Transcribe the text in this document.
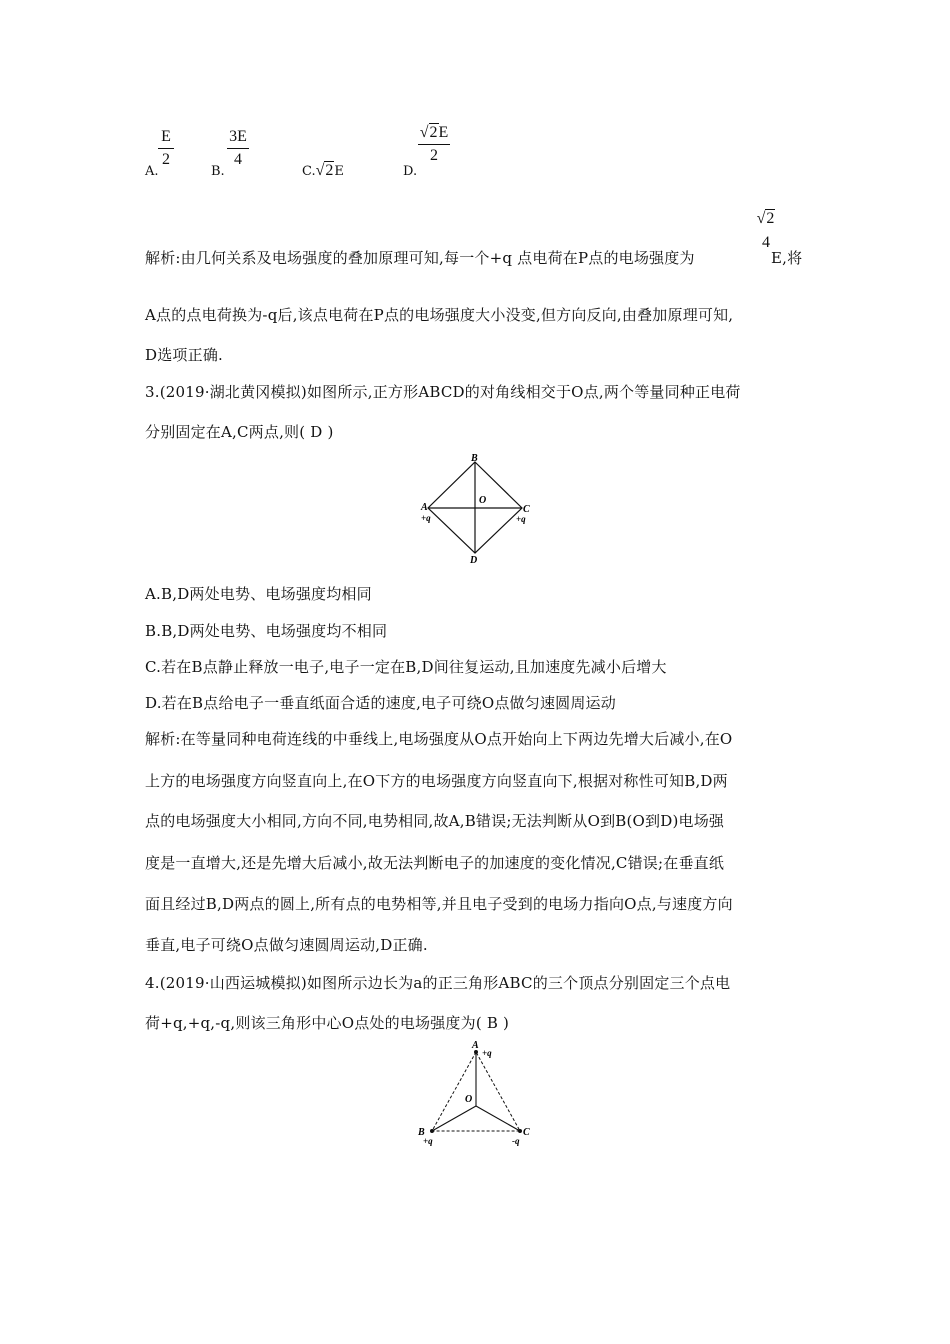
A.
E
2
B.
3E
4
C.√2E	D.
√2E
2
解析:由几何关系及电场强度的叠加原理可知,每一个+q 点电荷在P点的电场强度为
√2
4
E,将
A点的点电荷换为-q后,该点电荷在P点的电场强度大小没变,但方向反向,由叠加原理可知,
D选项正确.
3.(2019·湖北黄冈模拟)如图所示,正方形ABCD的对角线相交于O点,两个等量同种正电荷
分别固定在A,C两点,则( D )
B
A
+q
O
C
+q
D
A.B,D两处电势、电场强度均相同
B.B,D两处电势、电场强度均不相同
C.若在B点静止释放一电子,电子一定在B,D间往复运动,且加速度先减小后增大
D.若在B点给电子一垂直纸面合适的速度,电子可绕O点做匀速圆周运动
解析:在等量同种电荷连线的中垂线上,电场强度从O点开始向上下两边先增大后减小,在O
上方的电场强度方向竖直向上,在O下方的电场强度方向竖直向下,根据对称性可知B,D两
点的电场强度大小相同,方向不同,电势相同,故A,B错误;无法判断从O到B(O到D)电场强
度是一直增大,还是先增大后减小,故无法判断电子的加速度的变化情况,C错误;在垂直纸
面且经过B,D两点的圆上,所有点的电势相等,并且电子受到的电场力指向O点,与速度方向
垂直,电子可绕O点做匀速圆周运动,D正确.
4.(2019·山西运城模拟)如图所示边长为a的正三角形ABC的三个顶点分别固定三个点电
荷+q,+q,-q,则该三角形中心O点处的电场强度为( B )
A
+q
O
B
+q
C
-q
